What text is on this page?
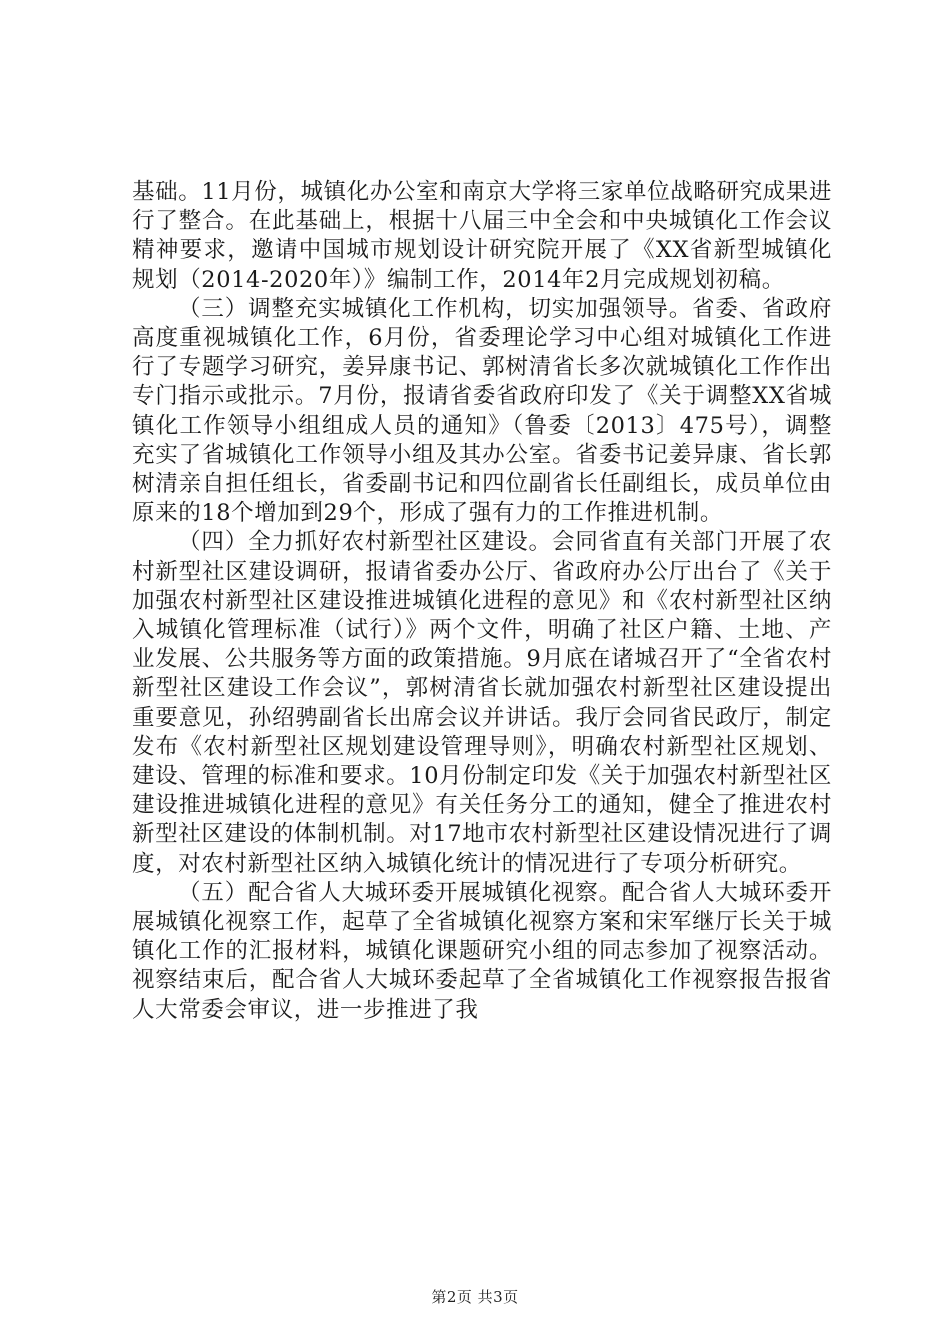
基础。11月份，城镇化办公室和南京大学将三家单位战略研究成果进行了整合。在此基础上，根据十八届三中全会和中央城镇化工作会议精神要求，邀请中国城市规划设计研究院开展了《XX省新型城镇化规划（2014-2020年）》编制工作，2014年2月完成规划初稿。

（三）调整充实城镇化工作机构，切实加强领导。省委、省政府高度重视城镇化工作，6月份，省委理论学习中心组对城镇化工作进行了专题学习研究，姜异康书记、郭树清省长多次就城镇化工作作出专门指示或批示。7月份，报请省委省政府印发了《关于调整XX省城镇化工作领导小组组成人员的通知》（鲁委〔2013〕475号），调整充实了省城镇化工作领导小组及其办公室。省委书记姜异康、省长郭树清亲自担任组长，省委副书记和四位副省长任副组长，成员单位由原来的18个增加到29个，形成了强有力的工作推进机制。

（四）全力抓好农村新型社区建设。会同省直有关部门开展了农村新型社区建设调研，报请省委办公厅、省政府办公厅出台了《关于加强农村新型社区建设推进城镇化进程的意见》和《农村新型社区纳入城镇化管理标准（试行）》两个文件，明确了社区户籍、土地、产业发展、公共服务等方面的政策措施。9月底在诸城召开了“全省农村新型社区建设工作会议”，郭树清省长就加强农村新型社区建设提出重要意见，孙绍骋副省长出席会议并讲话。我厅会同省民政厅，制定发布《农村新型社区规划建设管理导则》，明确农村新型社区规划、建设、管理的标准和要求。10月份制定印发《关于加强农村新型社区建设推进城镇化进程的意见》有关任务分工的通知，健全了推进农村新型社区建设的体制机制。对17地市农村新型社区建设情况进行了调度，对农村新型社区纳入城镇化统计的情况进行了专项分析研究。

（五）配合省人大城环委开展城镇化视察。配合省人大城环委开展城镇化视察工作，起草了全省城镇化视察方案和宋军继厅长关于城镇化工作的汇报材料，城镇化课题研究小组的同志参加了视察活动。视察结束后，配合省人大城环委起草了全省城镇化工作视察报告报省人大常委会审议，进一步推进了我

第2页 共3页
